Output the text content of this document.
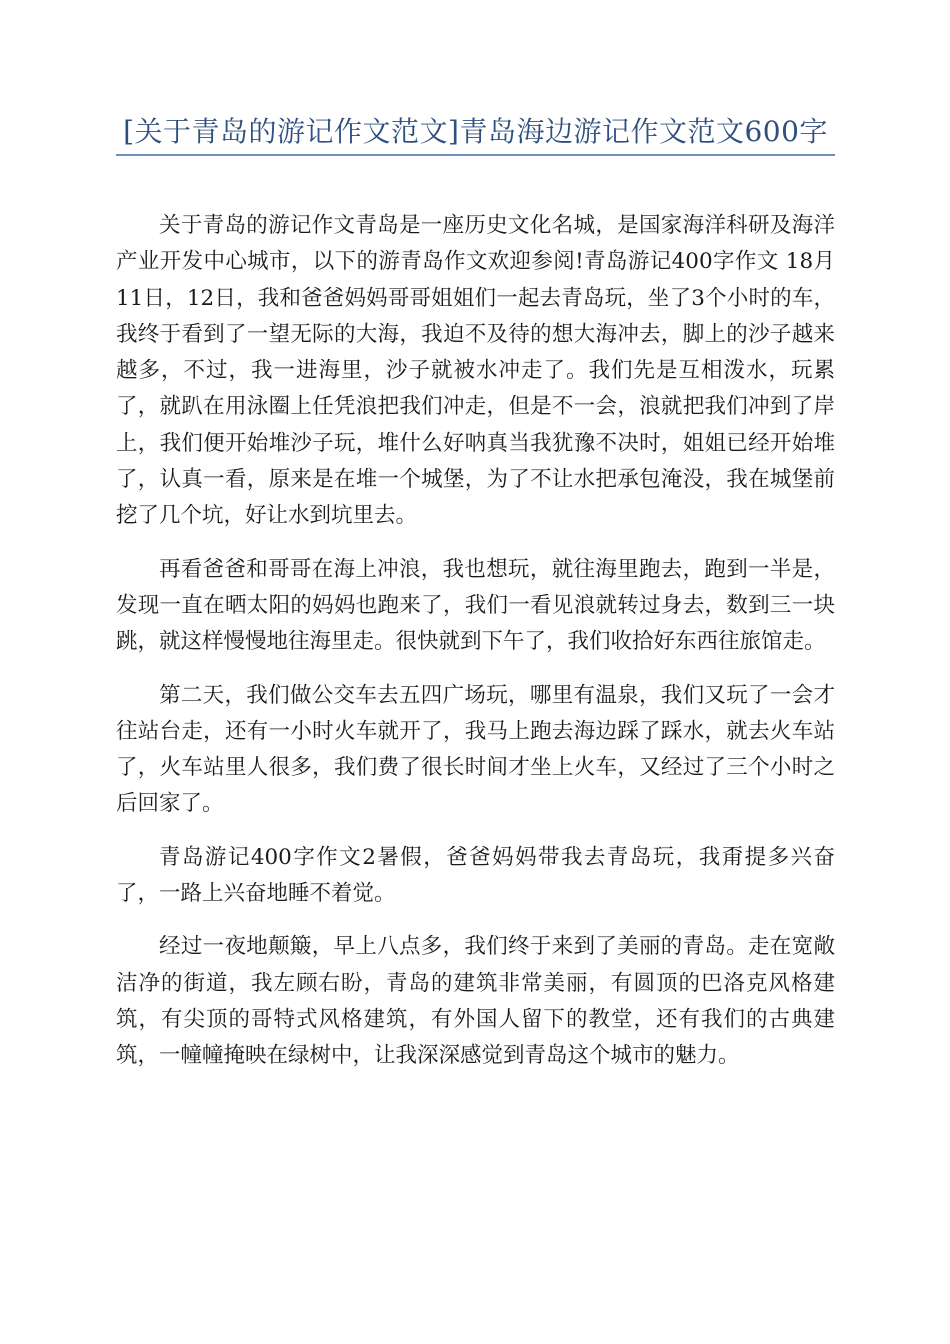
[关于青岛的游记作文范文]青岛海边游记作文范文600字

关于青岛的游记作文青岛是一座历史文化名城，是国家海洋科研及海洋产业开发中心城市，以下的游青岛作文欢迎参阅!青岛游记400字作文 18月11日，12日，我和爸爸妈妈哥哥姐姐们一起去青岛玩，坐了3个小时的车，我终于看到了一望无际的大海，我迫不及待的想大海冲去，脚上的沙子越来越多，不过，我一进海里，沙子就被水冲走了。我们先是互相泼水，玩累了，就趴在用泳圈上任凭浪把我们冲走，但是不一会，浪就把我们冲到了岸上，我们便开始堆沙子玩，堆什么好呐真当我犹豫不决时，姐姐已经开始堆了，认真一看，原来是在堆一个城堡，为了不让水把承包淹没，我在城堡前挖了几个坑，好让水到坑里去。

再看爸爸和哥哥在海上冲浪，我也想玩，就往海里跑去，跑到一半是，发现一直在晒太阳的妈妈也跑来了，我们一看见浪就转过身去，数到三一块跳，就这样慢慢地往海里走。很快就到下午了，我们收拾好东西往旅馆走。

第二天，我们做公交车去五四广场玩，哪里有温泉，我们又玩了一会才往站台走，还有一小时火车就开了，我马上跑去海边踩了踩水，就去火车站了，火车站里人很多，我们费了很长时间才坐上火车，又经过了三个小时之后回家了。

青岛游记400字作文2暑假，爸爸妈妈带我去青岛玩，我甭提多兴奋了，一路上兴奋地睡不着觉。

经过一夜地颠簸，早上八点多，我们终于来到了美丽的青岛。走在宽敞洁净的街道，我左顾右盼，青岛的建筑非常美丽，有圆顶的巴洛克风格建筑，有尖顶的哥特式风格建筑，有外国人留下的教堂，还有我们的古典建筑，一幢幢掩映在绿树中，让我深深感觉到青岛这个城市的魅力。
